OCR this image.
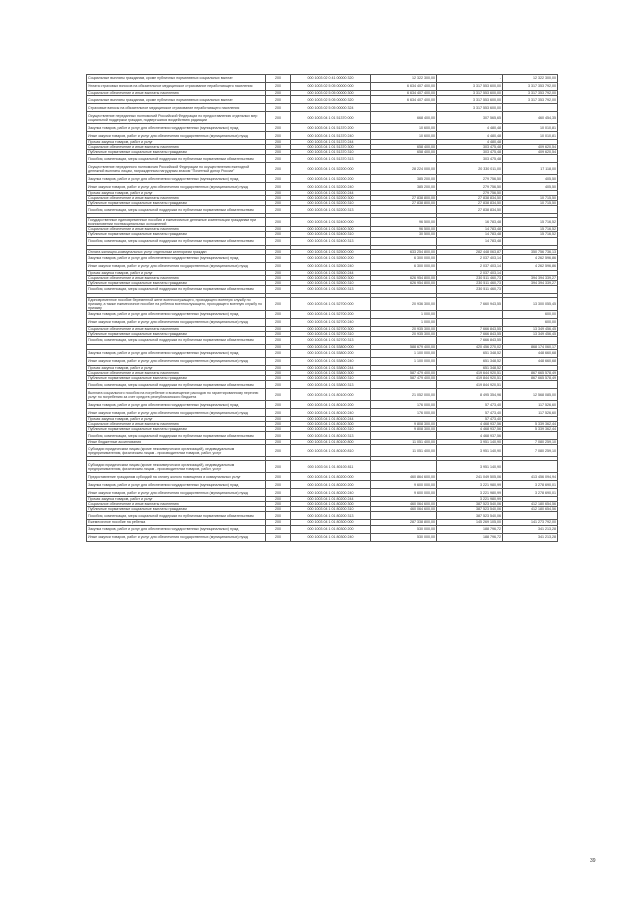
Социальные выплаты гражданам, кроме публичных нормативных социальных выплат	200	000 1003 02 0 41 00000 320	12 322 300,00	-	12 322 300,00
Уплата страховых взносов на обязательное медицинское страхование неработающего населения	200	000 1003 02 5 05 00000 000	6 634 407 400,00	3 317 553 600,00	3 317 353 792,00
Социальное обеспечение и иные выплаты населению	200	000 1003 02 5 05 00000 300	6 634 407 400,00	3 317 553 600,00	3 317 353 792,00
Социальные выплаты гражданам, кроме публичных нормативных социальных выплат	200	000 1003 02 5 05 00000 320	6 634 407 400,00	3 317 553 600,00	3 317 353 792,00
Страховые взносы на обязательное медицинское страхование неработающего населения	200	000 1003 02 5 05 00000 324		3 317 553 600,00	
Осуществление переданных полномочий Российской Федерации по предоставлению отдельных мер социальной поддержки граждан, подвергшихся воздействию радиации	200	000 1003 04 1 01 51370 000	668 400,00	307 565,65	460 454,35
Закупка товаров, работ и услуг для обеспечения государственных (муниципальных) нужд	200	000 1003 04 1 01 51370 200	10 600,00	4 480,48	10 010,81
Иные закупки товаров, работ и услуг для обеспечения государственных (муниципальных) нужд	200	000 1003 04 1 01 51370 240	10 600,00	4 480,48	10 010,81
Прочая закупка товаров, работ и услуг	200	000 1003 04 1 01 51370 244		4 480,48	
Социальное обеспечение и иные выплаты населению	200	000 1003 04 1 01 51370 300	658 400,00	303 475,48	409 620,54
Публичные нормативные социальные выплаты гражданам	200	000 1003 04 1 01 51370 310	658 400,00	303 475,48	409 620,54
Пособия, компенсации, меры социальной поддержки по публичным нормативным обязательствам	200	000 1003 04 1 01 51370 313		303 475,48	
Осуществление переданного полномочия Российской Федерации по осуществлению ежегодной денежной выплаты лицам, награжденным нагрудным знаком "Почетный донор России"	200	000 1003 04 1 01 52200 000	28 224 000,00	20 330 011,00	17 118,00
Закупка товаров, работ и услуг для обеспечения государственных (муниципальных) нужд	200	000 1003 04 1 01 52200 200	385 200,00	279 756,50	405,50
Иные закупки товаров, работ и услуг для обеспечения государственных (муниципальных) нужд	200	000 1003 04 1 01 52200 240	385 200,00	279 756,50	405,50
Прочая закупка товаров, работ и услуг	200	000 1003 04 1 01 52200 244		279 756,50	
Социальное обеспечение и иные выплаты населению	200	000 1003 04 1 01 52200 300	27 838 800,00	27 838 834,50	10 715,50
Публичные нормативные социальные выплаты гражданам	200	000 1003 04 1 01 52200 310	27 838 800,00	27 838 834,50	10 715,50
Пособия, компенсации, меры социальной поддержки по публичным нормативным обязательствам	200	000 1003 04 1 01 52200 313		27 838 834,50	

Государственные единовременные пособия и ежемесячные денежные компенсации гражданам при возникновении поствакцинальных осложнений	200	000 1003 04 1 01 52400 000	96 500,00	16 783,48	15 716,52
Социальное обеспечение и иные выплаты населению	200	000 1003 04 1 01 52400 300	96 500,00	14 783,48	15 716,52
Публичные нормативные социальные выплаты гражданам	200	000 1003 04 1 01 52400 310	30 500,00	14 783,48	15 716,52
Пособия, компенсации, меры социальной поддержки по публичным нормативным обязательствам	200	000 1003 04 1 01 52400 313		14 783,48	

Оплата жилищно-коммунальных услуг отдельным категориям граждан	200	000 1003 04 1 01 52500 000	633 254 800,00	282 448 063,87	350 756 736,13
Закупка товаров, работ и услуг для обеспечения государственных (муниципальных) нужд	200	000 1003 04 1 01 52500 200	6 300 000,00	2 037 403,14	4 262 596,86
Иные закупки товаров, работ и услуг для обеспечения государственных (муниципальных) нужд	200	000 1003 04 1 01 52500 240	6 300 000,00	2 037 403,14	4 262 596,86
Прочая закупка товаров, работ и услуг	200	000 1003 04 1 01 52500 244		2 037 403,14	
Социальное обеспечение и иные выплаты населению	200	000 1003 04 1 01 52500 300	626 954 800,00	230 511 460,73	394 394 339,27
Публичные нормативные социальные выплаты гражданам	200	000 1003 04 1 01 52500 310	626 954 800,00	230 511 460,73	394 394 339,27
Пособия, компенсации, меры социальной поддержки по публичным нормативным обязательствам	200	000 1003 04 1 01 52500 313		230 511 460,73	

Единовременное пособие беременной жене военнослужащего, проходящего военную службу по призыву, а также ежемесячное пособие на ребенка военнослужащего, проходящего военную службу по призыву	200	000 1003 04 1 01 52700 000	20 936 300,00	7 660 943,55	13 300 055,45
Закупка товаров, работ и услуг для обеспечения государственных (муниципальных) нужд	200	000 1003 04 1 01 52700 200	1 000,00		600,00
Иные закупки товаров, работ и услуг для обеспечения государственных (муниципальных) нужд	200	000 1003 04 1 01 52700 240	1 000,00		600,00
Социальное обеспечение и иные выплаты населению	200	000 1003 04 1 01 52700 300	20 935 300,00	7 666 843,55	13 349 456,45
Публичные нормативные социальные выплаты гражданам	200	000 1003 04 1 01 52700 310	20 935 300,00	7 666 843,55	13 349 456,45
Пособия, компенсации, меры социальной поддержки по публичным нормативным обязательствам	200	000 1003 04 1 01 52700 313		7 666 843,55	
	200	000 1003 04 1 01 53800 000	588 679 400,00	420 456 270,02	868 174 060,17
Закупка товаров, работ и услуг для обеспечения государственных (муниципальных) нужд	200	000 1003 04 1 01 53800 200	1 100 000,00	651 348,52	448 660,68
Иные закупки товаров, работ и услуг для обеспечения государственных (муниципальных) нужд	200	000 1003 04 1 01 53800 240	1 100 000,00	651 348,52	448 660,68
Прочая закупка товаров, работ и услуг	200	000 1003 04 1 01 53800 244		651 348,52	
Социальное обеспечение и иные выплаты населению	200	000 1003 04 1 01 53800 300	587 479 400,00	419 644 920,51	867 665 578,49
Публичные нормативные социальные выплаты гражданам	200	000 1003 04 1 01 53800 310	587 479 400,00	419 844 920,51	867 665 578,49
Пособия, компенсации, меры социальной поддержки по публичным нормативным обязательствам	200	000 1003 04 1 01 53800 313		419 844 920,51	
Выплата социального пособия на погребение и возмещение расходов по гарантированному перечню услуг по погребению за счет средств республиканского бюджета	200	000 1003 04 1 01 80100 000	21 052 000,00	8 495 354,96	12 568 085,00
Закупка товаров, работ и услуг для обеспечения государственных (муниципальных) нужд	200	000 1003 04 1 01 80100 200	176 000,00	57 473,40	117 526,60
Иные закупки товаров, работ и услуг для обеспечения государственных (муниципальных) нужд	200	000 1003 04 1 01 80100 240	176 000,00	57 473,40	117 526,60
Прочая закупка товаров, работ и услуг	200	000 1003 04 1 01 80100 244		57 473,40	
Социальное обеспечение и иные выплаты населению	200	000 1003 04 1 01 80100 300	9 808 300,00	4 468 937,56	5 339 362,44
Публичные нормативные социальные выплаты гражданам	200	000 1003 04 1 01 80100 310	9 808 300,00	4 468 937,56	5 339 362,44
Пособия, компенсации, меры социальной поддержки по публичным нормативным обязательствам	200	000 1003 04 1 01 80100 313		4 468 937,56	
Иные бюджетные ассигнования	200	000 1003 04 1 01 80100 800	11 051 400,00	3 951 140,90	7 080 259,10
Субсидии юридическим лицам (кроме некоммерческих организаций), индивидуальным предпринимателям, физическим лицам - производителям товаров, работ, услуг	200	000 1003 04 1 01 80100 810	11 051 400,00	3 951 140,90	7 080 259,10

Субсидии юридическим лицам (кроме некоммерческих организаций), индивидуальным предпринимателям, физическим лицам - производителям товаров, работ, услуг	200	000 1003 04 1 01 80100 811		3 951 140,90	
Предоставление гражданам субсидий на оплату жилого помещения и коммунальных услуг	200	000 1003 04 1 01 80200 000	460 864 600,00	241 049 505,06	413 456 094,94
Закупка товаров, работ и услуг для обеспечения государственных (муниципальных) нужд	200	000 1003 04 1 01 80200 200	9 600 000,00	3 221 980,99	3 278 690,01
Иные закупки товаров, работ и услуг для обеспечения государственных (муниципальных) нужд	200	000 1003 04 1 01 80200 240	9 600 000,00	3 221 980,99	3 278 690,01
Прочая закупка товаров, работ и услуг	200	000 1003 04 1 01 80200 244		3 221 980,99	
Социальное обеспечение и иные выплаты населению	200	000 1003 04 1 01 80200 300	460 064 600,00	387 523 540,06	412 180 654,56
Публичные нормативные социальные выплаты гражданам	200	000 1003 04 1 01 80200 310	460 064 600,00	387 523 540,06	412 180 654,56
Пособия, компенсации, меры социальной поддержки по публичным нормативным обязательствам	200	000 1003 04 1 01 80200 313		387 523 540,06	
Ежемесячное пособие на ребенка	200	000 1003 04 1 01 80300 000	287 338 800,00	145 269 105,00	141 273 792,00
Закупка товаров, работ и услуг для обеспечения государственных (муниципальных) нужд	200	000 1003 04 1 01 80300 200	530 000,00	188 796,72	341 213,28
Иные закупки товаров, работ и услуг для обеспечения государственных (муниципальных) нужд	200	000 1003 04 1 01 80300 240	530 000,00	188 796,72	341 213,28
39
